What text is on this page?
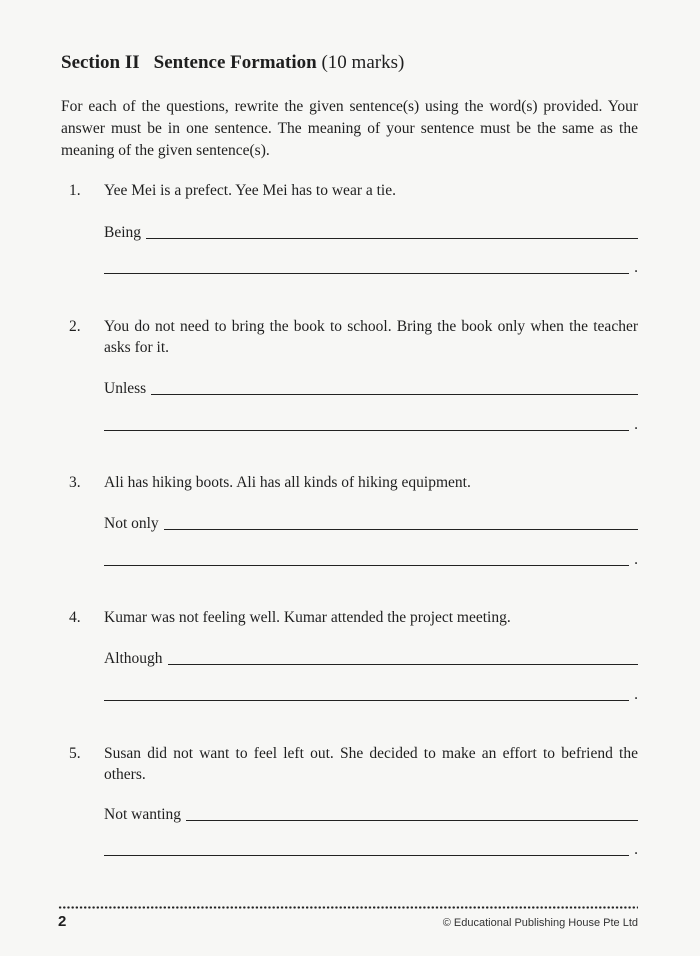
Section II Sentence Formation (10 marks)
For each of the questions, rewrite the given sentence(s) using the word(s) provided. Your answer must be in one sentence. The meaning of your sentence must be the same as the meaning of the given sentence(s).
1. Yee Mei is a prefect. Yee Mei has to wear a tie.
Being
.
2. You do not need to bring the book to school. Bring the book only when the teacher asks for it.
Unless
.
3. Ali has hiking boots. Ali has all kinds of hiking equipment.
Not only
.
4. Kumar was not feeling well. Kumar attended the project meeting.
Although
.
5. Susan did not want to feel left out. She decided to make an effort to befriend the others.
Not wanting
.
2	© Educational Publishing House Pte Ltd
